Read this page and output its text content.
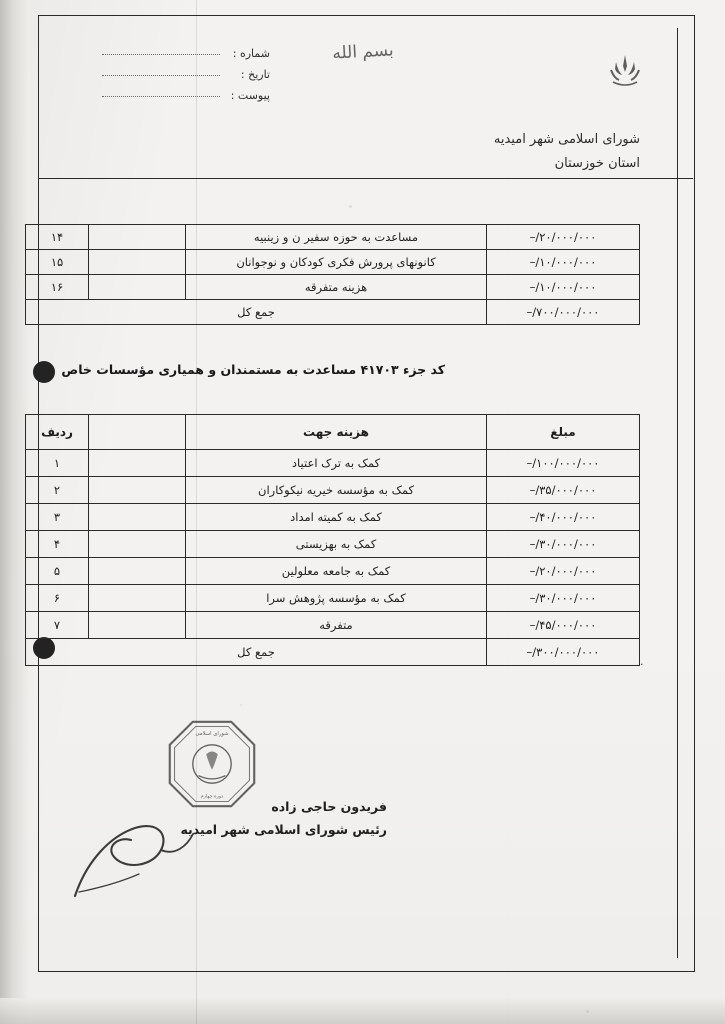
شماره :
تاریخ :
پیوست :
بسم الله
شورای اسلامی شهر امیدیه
استان خوزستان
۲۰/۰۰۰/۰۰۰/–	مساعدت به حوزه سفیر ن و زینبیه		۱۴
۱۰/۰۰۰/۰۰۰/–	کانونهای پرورش فکری کودکان و نوجوانان		۱۵
۱۰/۰۰۰/۰۰۰/–	هزینه متفرقه		۱۶
۷۰۰/۰۰۰/۰۰۰/–	جمع کل		
کد جزء ۴۱۷۰۳ مساعدت به مستمندان و همیاری مؤسسات خاص
مبلغ	هزینه جهت		ردیف
۱۰۰/۰۰۰/۰۰۰/–	کمک به ترک اعتیاد		۱
۳۵/۰۰۰/۰۰۰/–	کمک به مؤسسه خیریه نیکوکاران		۲
۴۰/۰۰۰/۰۰۰/–	کمک به کمیته امداد		۳
۳۰/۰۰۰/۰۰۰/–	کمک به بهزیستی		۴
۲۰/۰۰۰/۰۰۰/–	کمک به جامعه معلولین		۵
۳۰/۰۰۰/۰۰۰/–	کمک به مؤسسه پژوهش سرا		۶
۴۵/۰۰۰/۰۰۰/–	متفرقه		۷
۳۰۰/۰۰۰/۰۰۰/–	جمع کل		
.
شورای اسلامی
دوره چهارم
فریدون حاجی زاده
رئیس شورای اسلامی شهر امیدیه
